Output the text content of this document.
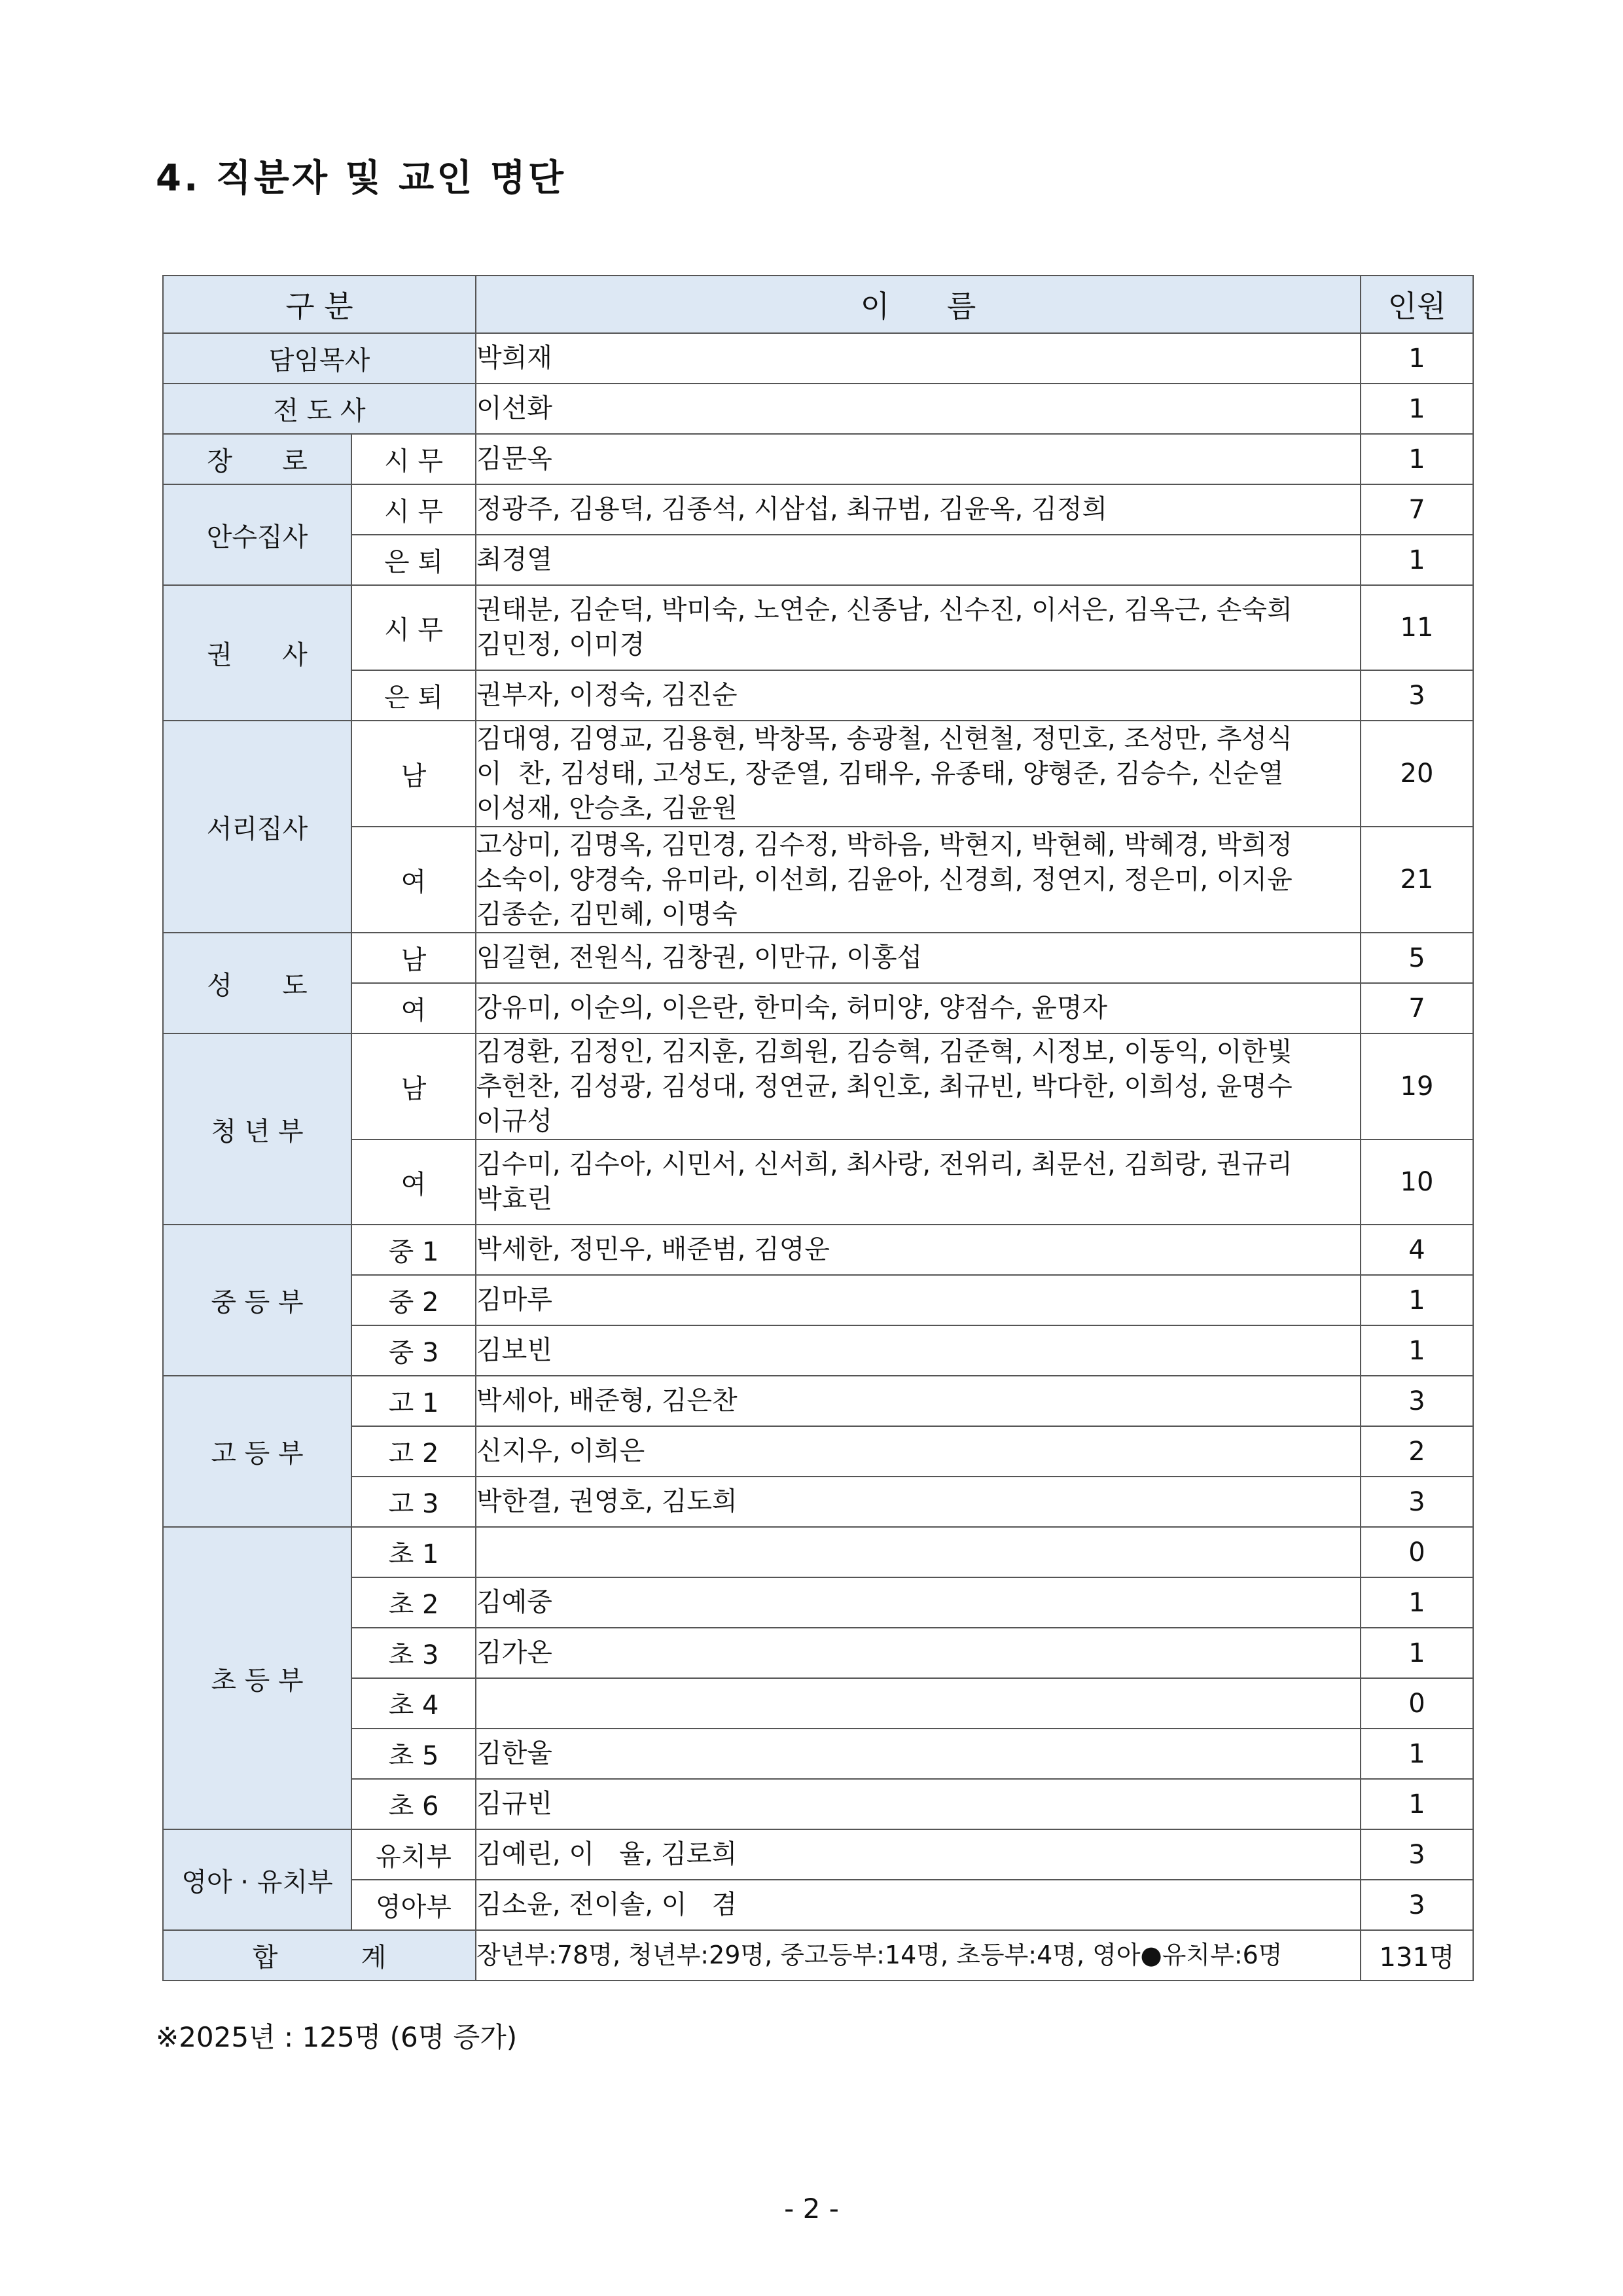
4. 직분자 및 교인 명단
구 분		이      름	인원
담임목사		박희재	1
전 도 사		이선화	1
장      로	시 무	김문옥	1
안수집사	시 무	정광주, 김용덕, 김종석, 시삼섭, 최규범, 김윤옥, 김정희	7
	은 퇴	최경열	1
권      사	시 무	권태분, 김순덕, 박미숙, 노연순, 신종남, 신수진, 이서은, 김옥근, 손숙희
김민정, 이미경	11
	은 퇴	권부자, 이정숙, 김진순	3
서리집사	남	김대영, 김영교, 김용현, 박창목, 송광철, 신현철, 정민호, 조성만, 추성식
이  찬, 김성태, 고성도, 장준열, 김태우, 유종태, 양형준, 김승수, 신순열
이성재, 안승초, 김윤원	20
	여	고상미, 김명옥, 김민경, 김수정, 박하음, 박현지, 박현혜, 박혜경, 박희정
소숙이, 양경숙, 유미라, 이선희, 김윤아, 신경희, 정연지, 정은미, 이지윤
김종순, 김민혜, 이명숙	21
성      도	남	임길현, 전원식, 김창권, 이만규, 이홍섭	5
	여	강유미, 이순의, 이은란, 한미숙, 허미양, 양점수, 윤명자	7
청 년 부	남	김경환, 김정인, 김지훈, 김희원, 김승혁, 김준혁, 시정보, 이동익, 이한빛
추헌찬, 김성광, 김성대, 정연균, 최인호, 최규빈, 박다한, 이희성, 윤명수
이규성	19
	여	김수미, 김수아, 시민서, 신서희, 최사랑, 전위리, 최문선, 김희랑, 권규리
박효린	10
중 등 부	중 1	박세한, 정민우, 배준범, 김영운	4
	중 2	김마루	1
	중 3	김보빈	1
고 등 부	고 1	박세아, 배준형, 김은찬	3
	고 2	신지우, 이희은	2
	고 3	박한결, 권영호, 김도희	3
초 등 부	초 1		0
	초 2	김예중	1
	초 3	김가온	1
	초 4		0
	초 5	김한울	1
	초 6	김규빈	1
영아 · 유치부	유치부	김예린, 이   율, 김로희	3
	영아부	김소윤, 전이솔, 이   겸	3
합          계		장년부:78명, 청년부:29명, 중고등부:14명, 초등부:4명, 영아●유치부:6명	131명

※2025년 : 125명 (6명 증가)

- 2 -
